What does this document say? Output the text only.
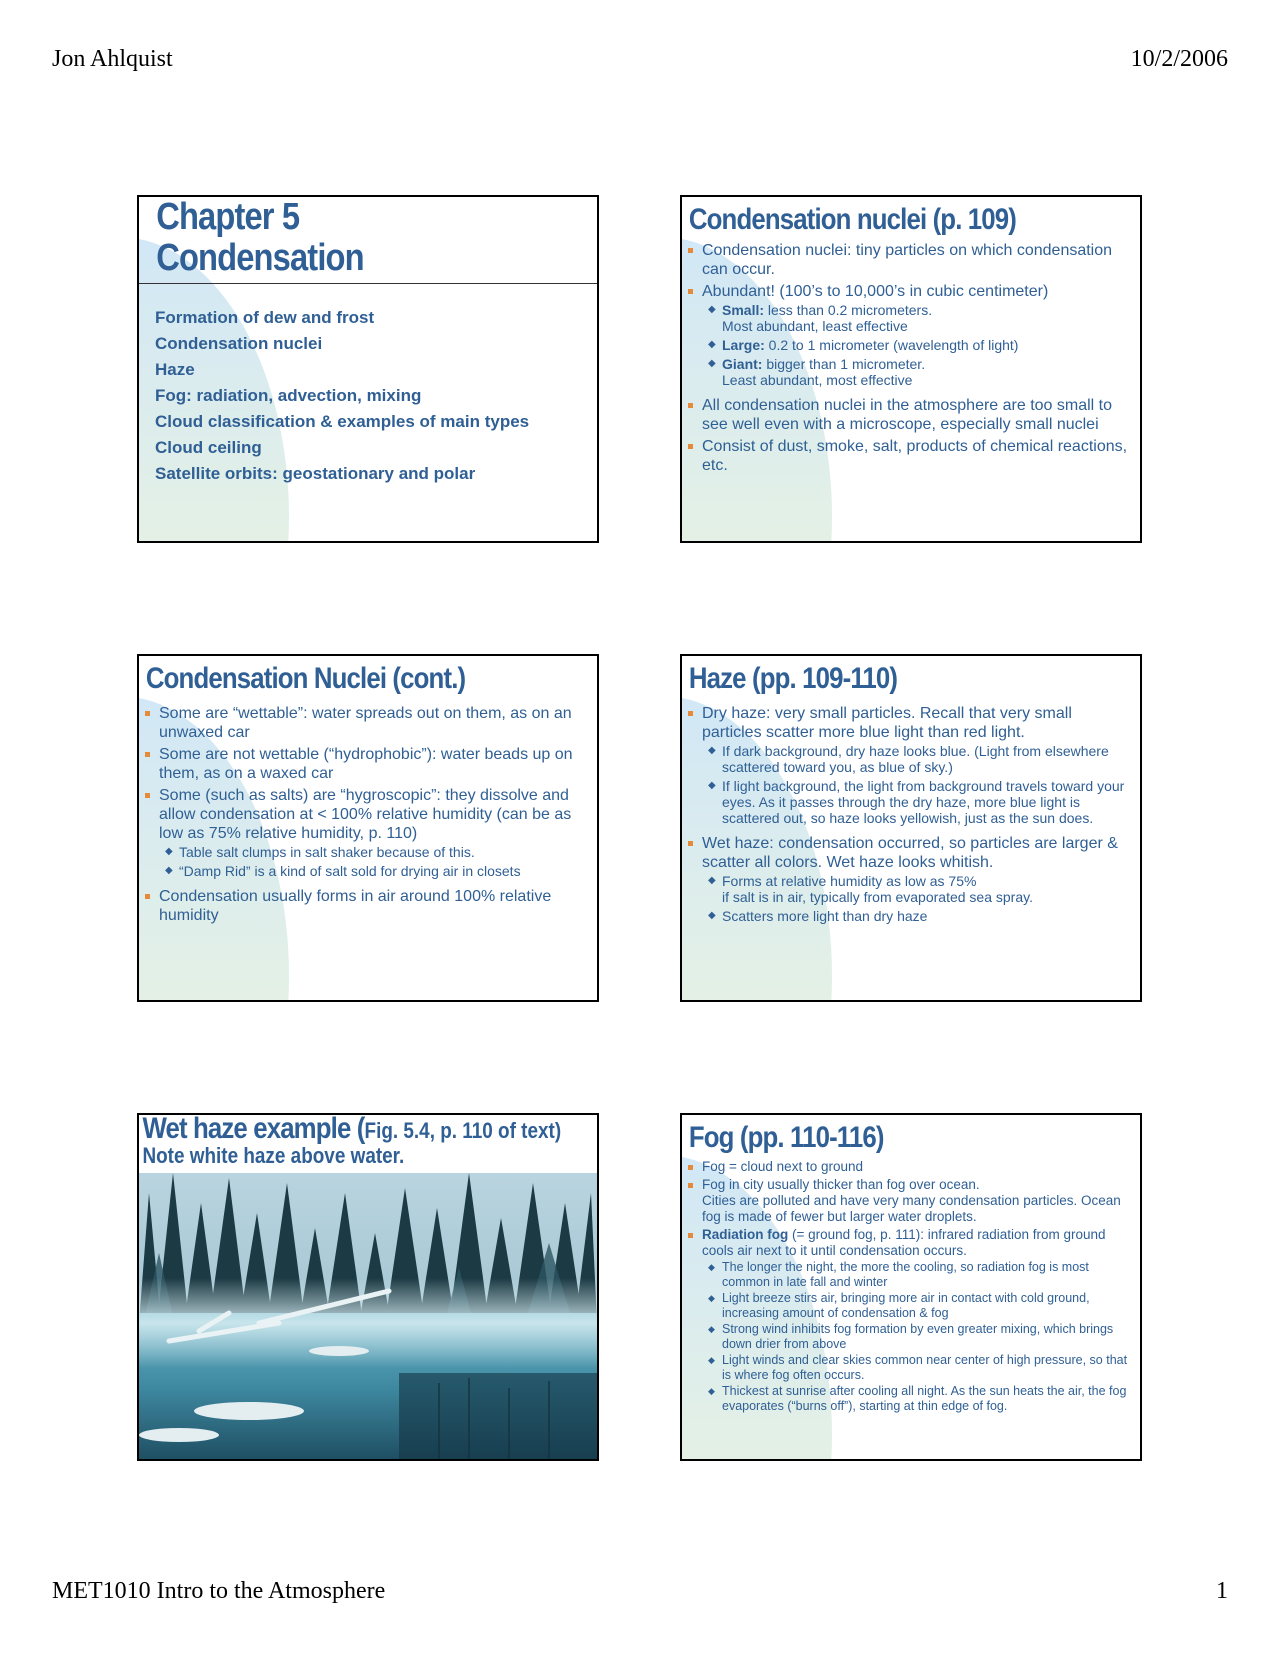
Jon Ahlquist	10/2/2006
Chapter 5
Condensation
Formation of dew and frost
Condensation nuclei
Haze
Fog: radiation, advection, mixing
Cloud classification & examples of main types
Cloud ceiling
Satellite orbits: geostationary and polar
Condensation nuclei (p. 109)
Condensation nuclei: tiny particles on which condensation can occur.
Abundant! (100’s to 10,000’s in cubic centimeter)
◆ Small: less than 0.2 micrometers.
Most abundant, least effective
◆ Large: 0.2 to 1 micrometer (wavelength of light)
◆ Giant: bigger than 1 micrometer.
Least abundant, most effective
All condensation nuclei in the atmosphere are too small to see well even with a microscope, especially small nuclei
Consist of dust, smoke, salt, products of chemical reactions, etc.
Condensation Nuclei (cont.)
Some are “wettable”: water spreads out on them, as on an unwaxed car
Some are not wettable (“hydrophobic”): water beads up on them, as on a waxed car
Some (such as salts) are “hygroscopic”: they dissolve and allow condensation at < 100% relative humidity (can be as low as 75% relative humidity, p. 110)
◆ Table salt clumps in salt shaker because of this.
◆ “Damp Rid” is a kind of salt sold for drying air in closets
Condensation usually forms in air around 100% relative humidity
Haze (pp. 109-110)
Dry haze: very small particles. Recall that very small particles scatter more blue light than red light.
◆ If dark background, dry haze looks blue. (Light from elsewhere scattered toward you, as blue of sky.)
◆ If light background, the light from background travels toward your eyes. As it passes through the dry haze, more blue light is scattered out, so haze looks yellowish, just as the sun does.
Wet haze: condensation occurred, so particles are larger & scatter all colors. Wet haze looks whitish.
◆ Forms at relative humidity as low as 75%
if salt is in air, typically from evaporated sea spray.
◆ Scatters more light than dry haze
Wet haze example (Fig. 5.4, p. 110 of text)
Note white haze above water.
Fog (pp. 110-116)
Fog = cloud next to ground
Fog in city usually thicker than fog over ocean.
Cities are polluted and have very many condensation particles. Ocean fog is made of fewer but larger water droplets.
Radiation fog (= ground fog, p. 111): infrared radiation from ground cools air next to it until condensation occurs.
◆ The longer the night, the more the cooling, so radiation fog is most common in late fall and winter
◆ Light breeze stirs air, bringing more air in contact with cold ground, increasing amount of condensation & fog
◆ Strong wind inhibits fog formation by even greater mixing, which brings down drier from above
◆ Light winds and clear skies common near center of high pressure, so that is where fog often occurs.
◆ Thickest at sunrise after cooling all night. As the sun heats the air, the fog evaporates (“burns off”), starting at thin edge of fog.
MET1010 Intro to the Atmosphere	1
